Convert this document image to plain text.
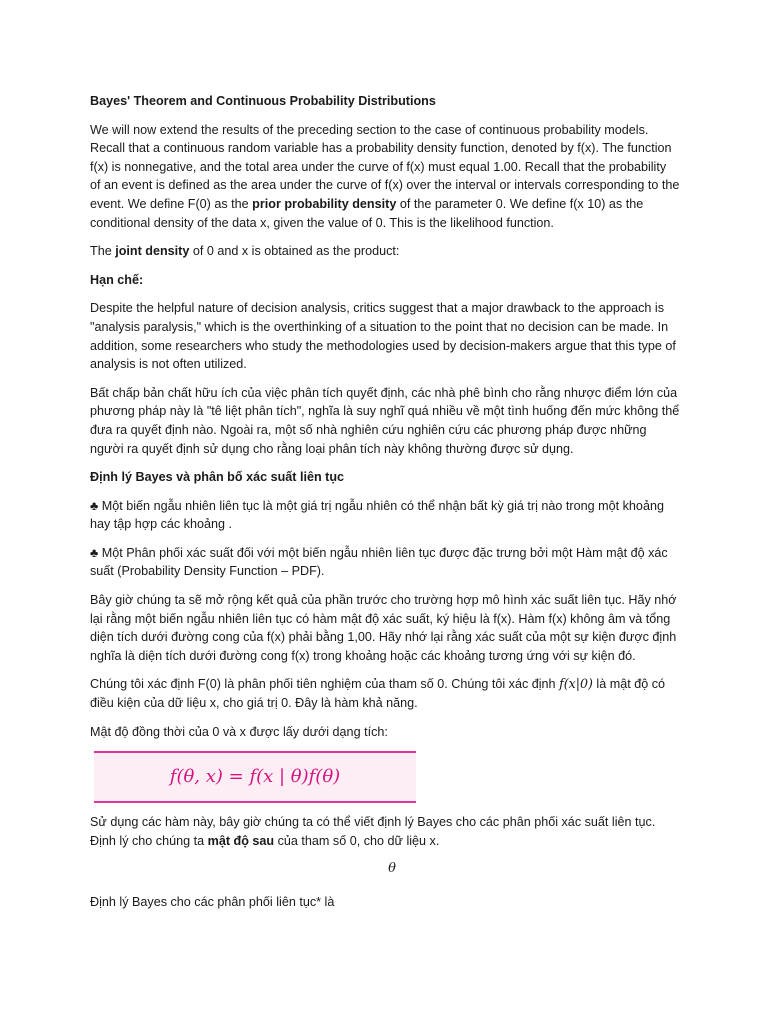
Bayes' Theorem and Continuous Probability Distributions

We will now extend the results of the preceding section to the case of continuous probability models. Recall that a continuous random variable has a probability density function, denoted by f(x). The function f(x) is nonnegative, and the total area under the curve of f(x) must equal 1.00. Recall that the probability of an event is defined as the area under the curve of f(x) over the interval or intervals corresponding to the event. We define F(0) as the prior probability density of the parameter 0. We define f(x 10) as the conditional density of the data x, given the value of 0. This is the likelihood function.

The joint density of 0 and x is obtained as the product:

Hạn chế:

Despite the helpful nature of decision analysis, critics suggest that a major drawback to the approach is "analysis paralysis," which is the overthinking of a situation to the point that no decision can be made. In addition, some researchers who study the methodologies used by decision-makers argue that this type of analysis is not often utilized.

Bất chấp bản chất hữu ích của việc phân tích quyết định, các nhà phê bình cho rằng nhược điểm lớn của phương pháp này là "tê liệt phân tích", nghĩa là suy nghĩ quá nhiều về một tình huống đến mức không thể đưa ra quyết định nào. Ngoài ra, một số nhà nghiên cứu nghiên cứu các phương pháp được những người ra quyết định sử dụng cho rằng loại phân tích này không thường được sử dụng.

Định lý Bayes và phân bố xác suất liên tục

♣ Một biến ngẫu nhiên liên tục là một giá trị ngẫu nhiên có thể nhận bất kỳ giá trị nào trong một khoảng hay tập hợp các khoảng .

♣ Một Phân phối xác suất đối với một biến ngẫu nhiên liên tục được đặc trưng bởi một Hàm mật độ xác suất (Probability Density Function – PDF).

Bây giờ chúng ta sẽ mở rộng kết quả của phần trước cho trường hợp mô hình xác suất liên tục. Hãy nhớ lại rằng một biến ngẫu nhiên liên tục có hàm mật độ xác suất, ký hiệu là f(x). Hàm f(x) không âm và tổng diện tích dưới đường cong của f(x) phải bằng 1,00. Hãy nhớ lại rằng xác suất của một sự kiện được định nghĩa là diện tích dưới đường cong f(x) trong khoảng hoặc các khoảng tương ứng với sự kiện đó.

Chúng tôi xác định F(0) là phân phối tiên nghiệm của tham số 0. Chúng tôi xác định f(x|0) là mật độ có điều kiện của dữ liệu x, cho giá trị 0. Đây là hàm khả năng.

Mật độ đồng thời của 0 và x được lấy dưới dạng tích:

f(θ, x) = f(x | θ)f(θ)

Sử dụng các hàm này, bây giờ chúng ta có thể viết định lý Bayes cho các phân phối xác suất liên tục. Định lý cho chúng ta mật độ sau của tham số 0, cho dữ liệu x.

θ

Định lý Bayes cho các phân phối liên tục* là
